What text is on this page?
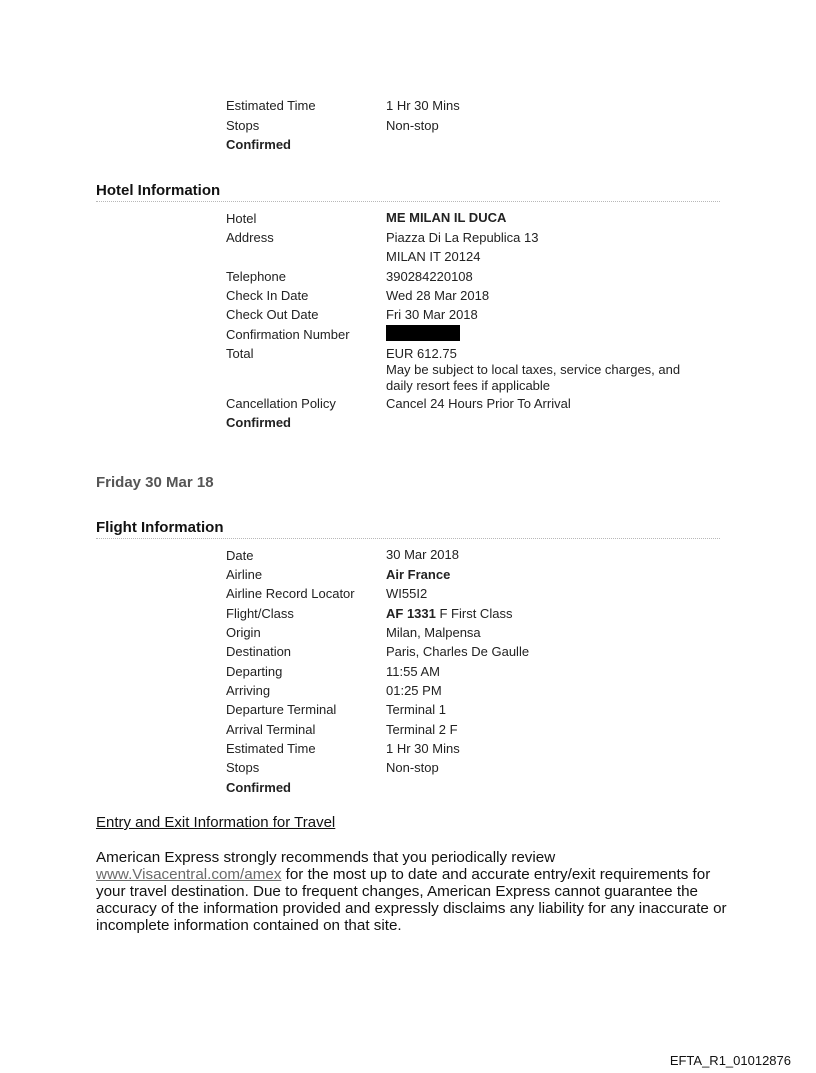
Estimated Time	1 Hr 30 Mins
Stops	Non-stop
Confirmed
Hotel Information
Hotel	ME MILAN IL DUCA
Address	Piazza Di La Republica 13
MILAN IT 20124
Telephone	390284220108
Check In Date	Wed 28 Mar 2018
Check Out Date	Fri 30 Mar 2018
Confirmation Number
Total	EUR 612.75
May be subject to local taxes, service charges, and daily resort fees if applicable
Cancellation Policy	Cancel 24 Hours Prior To Arrival
Confirmed
Friday 30 Mar 18
Flight Information
Date	30 Mar 2018
Airline	Air France
Airline Record Locator WI55I2
Flight/Class	AF 1331 F First Class
Origin	Milan, Malpensa
Destination	Paris, Charles De Gaulle
Departing	11:55 AM
Arriving	01:25 PM
Departure Terminal	Terminal 1
Arrival Terminal	Terminal 2 F
Estimated Time	1 Hr 30 Mins
Stops	Non-stop
Confirmed
Entry and Exit Information for Travel
American Express strongly recommends that you periodically review
www.Visacentral.com/amex for the most up to date and accurate entry/exit requirements for your travel destination. Due to frequent changes, American Express cannot guarantee the accuracy of the information provided and expressly disclaims any liability for any inaccurate or incomplete information contained on that site.
EFTA_R1_01012876
